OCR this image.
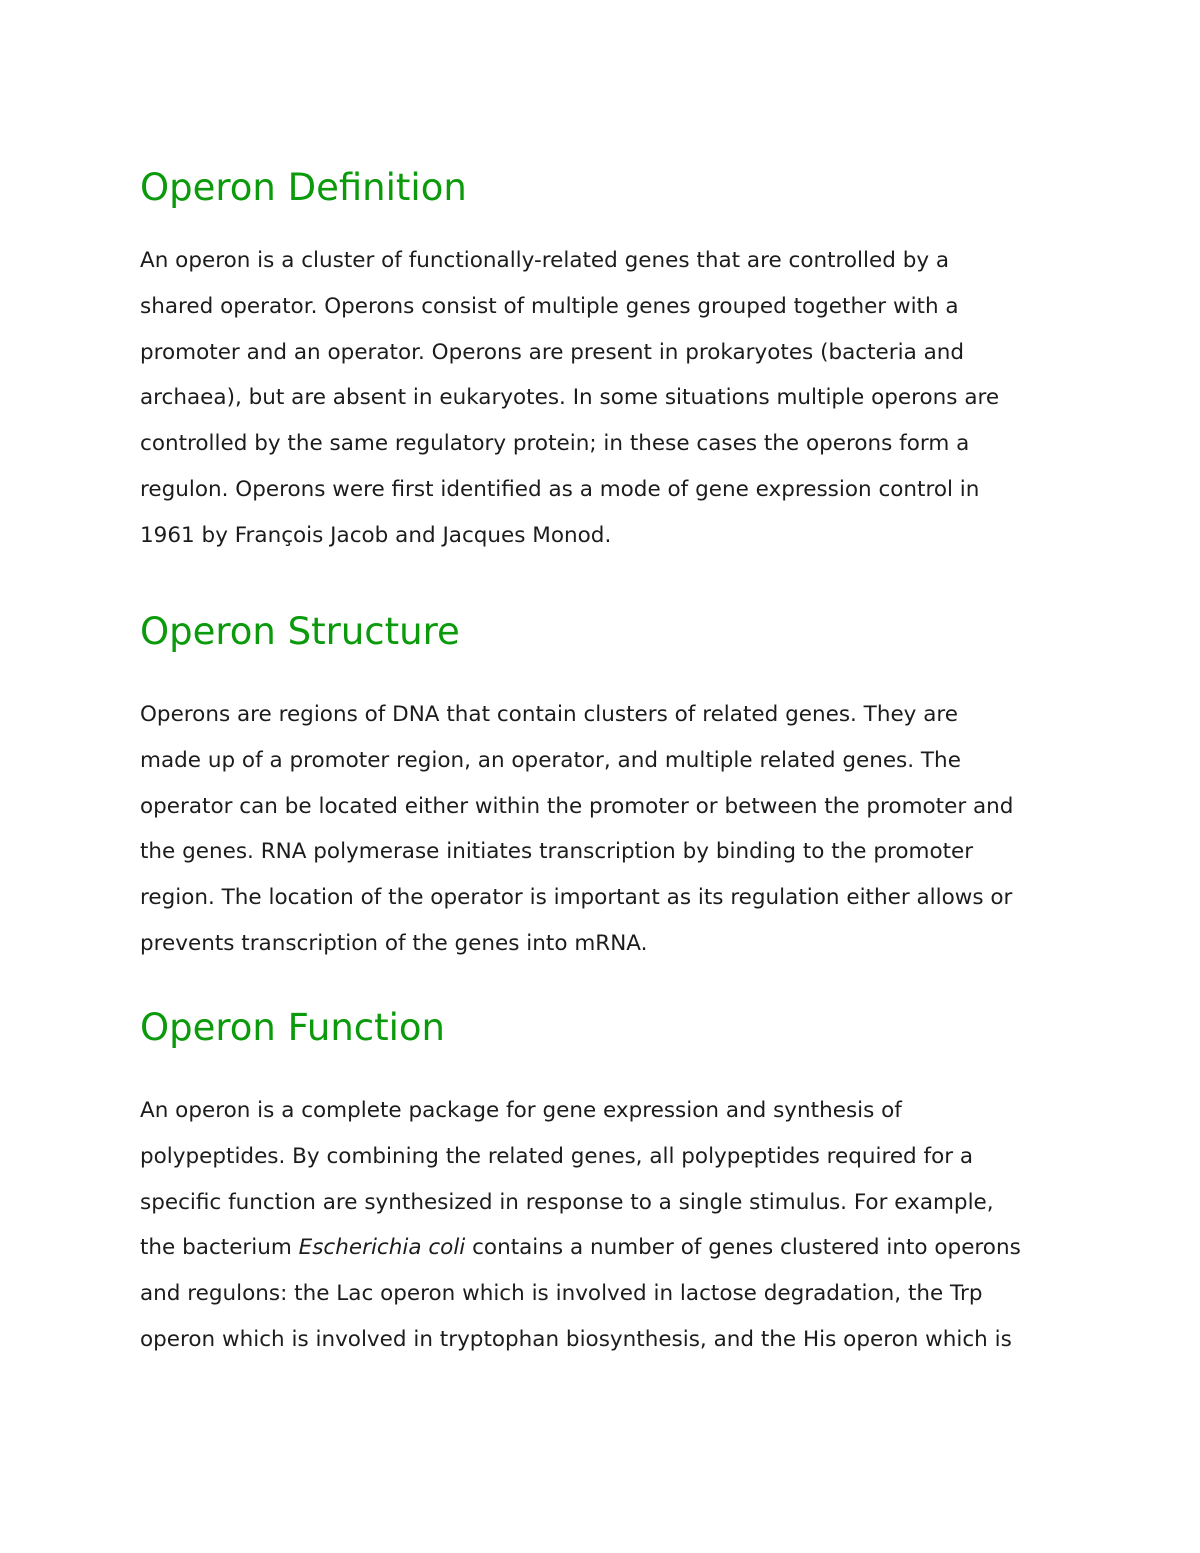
Operon Definition

An operon is a cluster of functionally-related genes that are controlled by a
shared operator. Operons consist of multiple genes grouped together with a
promoter and an operator. Operons are present in prokaryotes (bacteria and
archaea), but are absent in eukaryotes. In some situations multiple operons are
controlled by the same regulatory protein; in these cases the operons form a
regulon. Operons were first identified as a mode of gene expression control in
1961 by François Jacob and Jacques Monod.

Operon Structure

Operons are regions of DNA that contain clusters of related genes. They are
made up of a promoter region, an operator, and multiple related genes. The
operator can be located either within the promoter or between the promoter and
the genes. RNA polymerase initiates transcription by binding to the promoter
region. The location of the operator is important as its regulation either allows or
prevents transcription of the genes into mRNA.

Operon Function

An operon is a complete package for gene expression and synthesis of
polypeptides. By combining the related genes, all polypeptides required for a
specific function are synthesized in response to a single stimulus. For example,
the bacterium Escherichia coli contains a number of genes clustered into operons
and regulons: the Lac operon which is involved in lactose degradation, the Trp
operon which is involved in tryptophan biosynthesis, and the His operon which is
